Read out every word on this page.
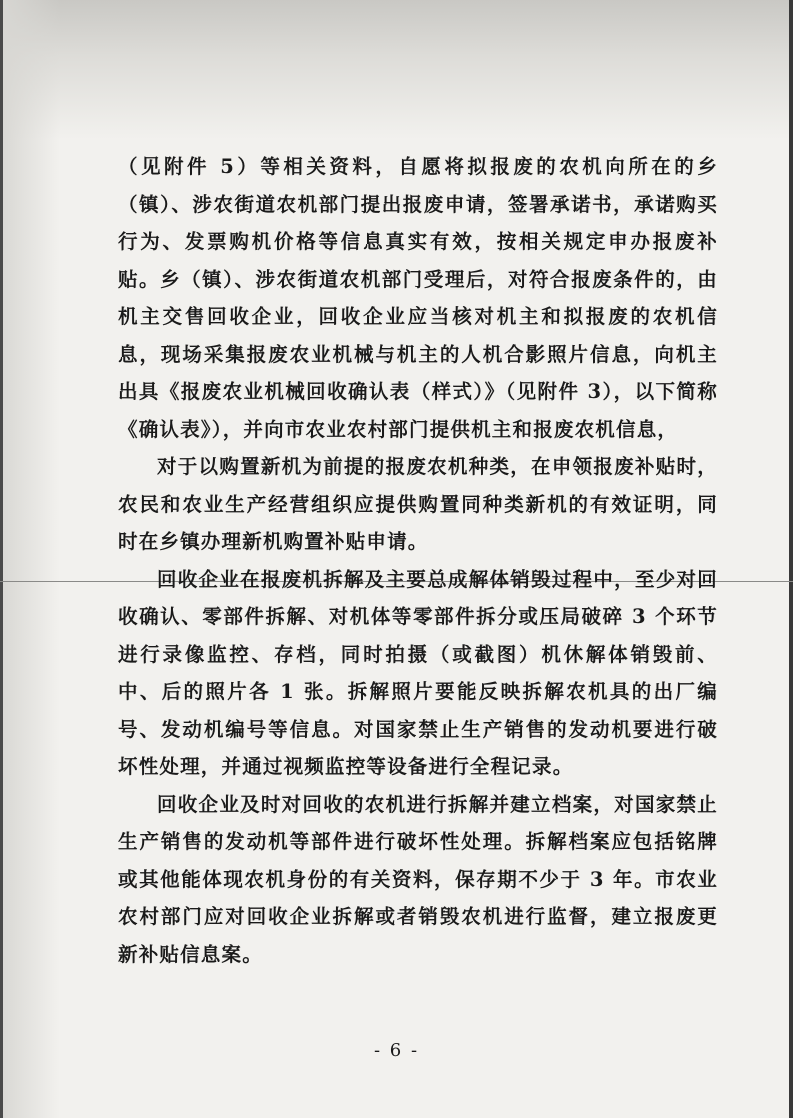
（见附件 5）等相关资料，自愿将拟报废的农机向所在的乡（镇）、涉农街道农机部门提出报废申请，签署承诺书，承诺购买行为、发票购机价格等信息真实有效，按相关规定申办报废补贴。乡（镇）、涉农街道农机部门受理后，对符合报废条件的，由机主交售回收企业，回收企业应当核对机主和拟报废的农机信息，现场采集报废农业机械与机主的人机合影照片信息，向机主出具《报废农业机械回收确认表（样式）》（见附件 3），以下简称《确认表》），并向市农业农村部门提供机主和报废农机信息，

对于以购置新机为前提的报废农机种类，在申领报废补贴时，农民和农业生产经营组织应提供购置同种类新机的有效证明，同时在乡镇办理新机购置补贴申请。

回收企业在报废机拆解及主要总成解体销毁过程中，至少对回收确认、零部件拆解、对机体等零部件拆分或压局破碎 3 个环节进行录像监控、存档，同时拍摄（或截图）机休解体销毁前、中、后的照片各 1 张。拆解照片要能反映拆解农机具的出厂编号、发动机编号等信息。对国家禁止生产销售的发动机要进行破坏性处理，并通过视频监控等设备进行全程记录。

回收企业及时对回收的农机进行拆解并建立档案，对国家禁止生产销售的发动机等部件进行破坏性处理。拆解档案应包括铭牌或其他能体现农机身份的有关资料，保存期不少于 3 年。市农业农村部门应对回收企业拆解或者销毁农机进行监督，建立报废更新补贴信息案。

- 6 -
